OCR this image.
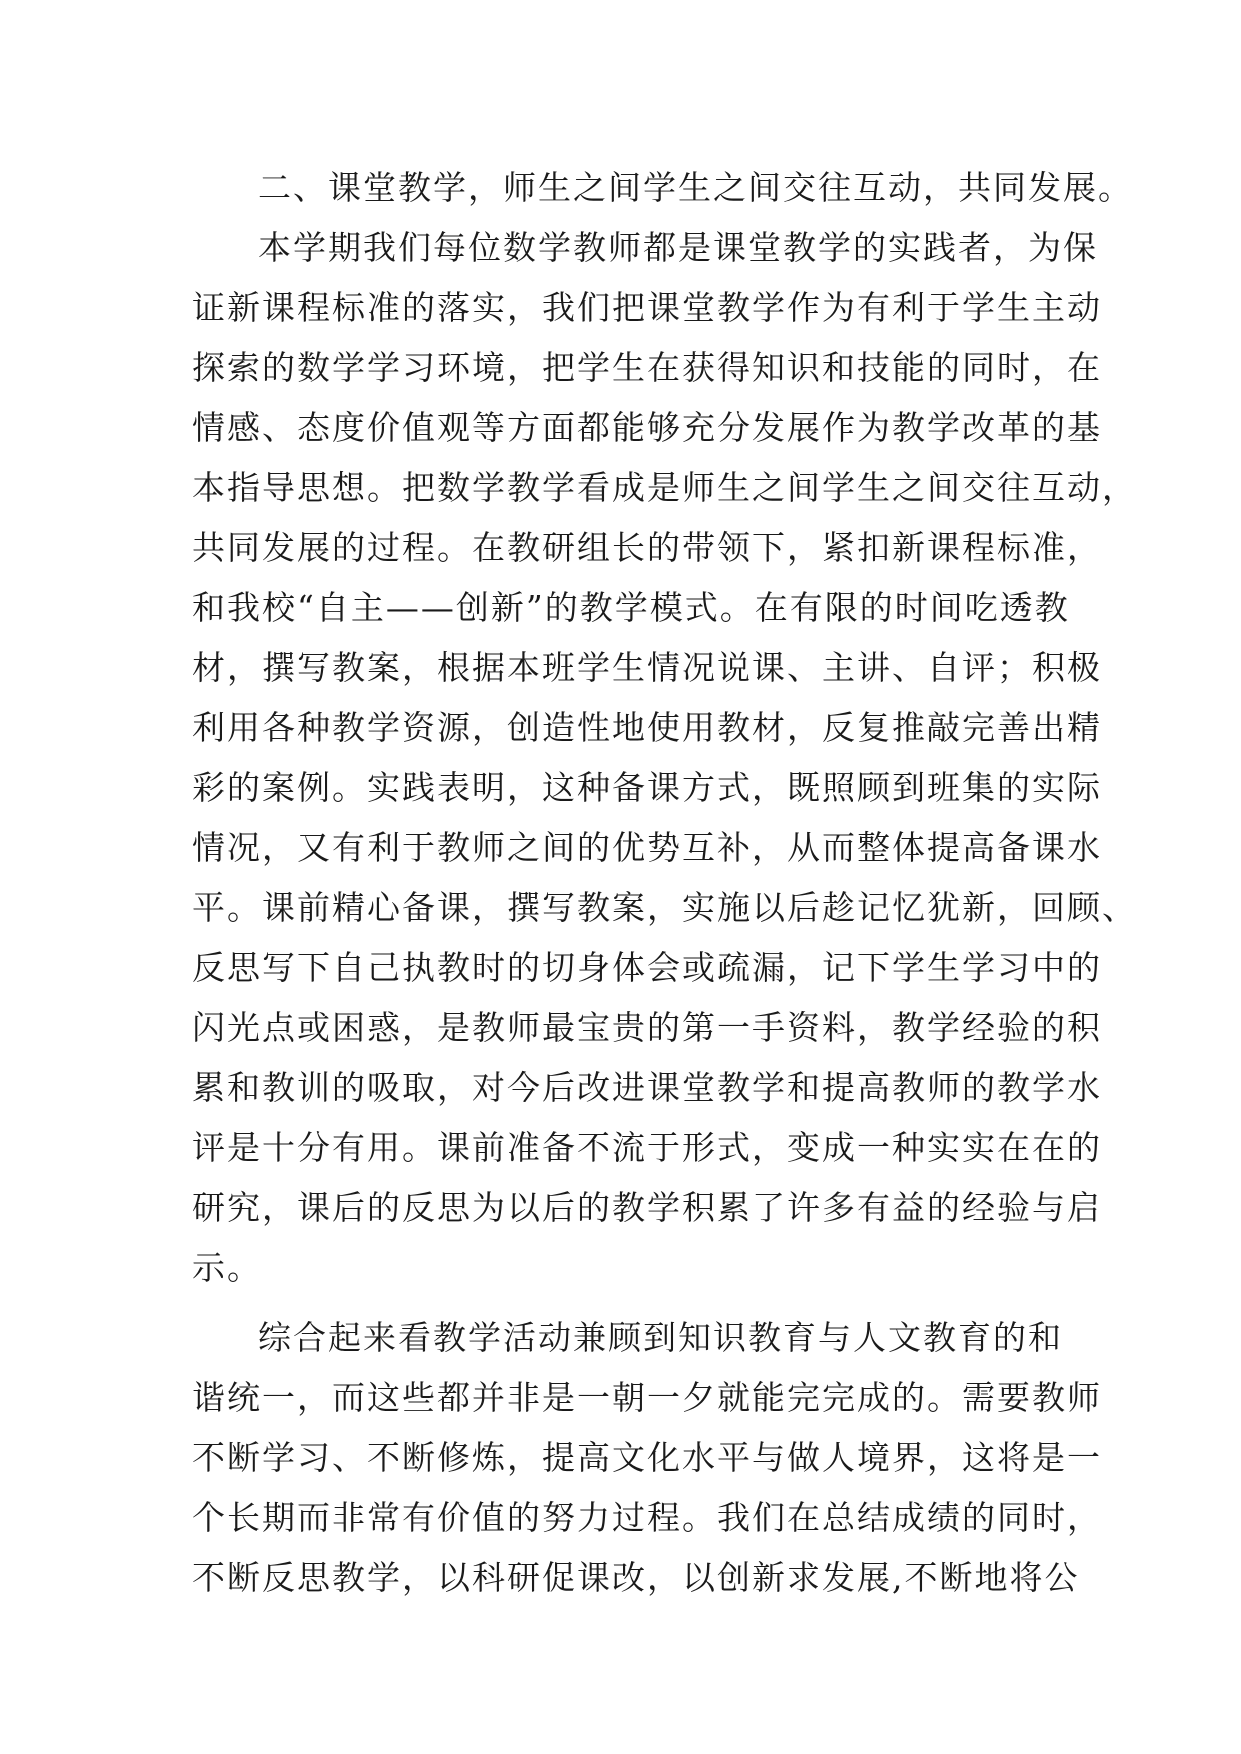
二、课堂教学，师生之间学生之间交往互动，共同发展。
本学期我们每位数学教师都是课堂教学的实践者，为保
证新课程标准的落实，我们把课堂教学作为有利于学生主动
探索的数学学习环境，把学生在获得知识和技能的同时，在
情感、态度价值观等方面都能够充分发展作为教学改革的基
本指导思想。把数学教学看成是师生之间学生之间交往互动，
共同发展的过程。在教研组长的带领下，紧扣新课程标准，
和我校“自主——创新”的教学模式。在有限的时间吃透教
材，撰写教案，根据本班学生情况说课、主讲、自评；积极
利用各种教学资源，创造性地使用教材，反复推敲完善出精
彩的案例。实践表明，这种备课方式，既照顾到班集的实际
情况，又有利于教师之间的优势互补，从而整体提高备课水
平。课前精心备课，撰写教案，实施以后趁记忆犹新，回顾、
反思写下自己执教时的切身体会或疏漏，记下学生学习中的
闪光点或困惑，是教师最宝贵的第一手资料，教学经验的积
累和教训的吸取，对今后改进课堂教学和提高教师的教学水
评是十分有用。课前准备不流于形式，变成一种实实在在的
研究，课后的反思为以后的教学积累了许多有益的经验与启
示。
综合起来看教学活动兼顾到知识教育与人文教育的和
谐统一，而这些都并非是一朝一夕就能完完成的。需要教师
不断学习、不断修炼，提高文化水平与做人境界，这将是一
个长期而非常有价值的努力过程。我们在总结成绩的同时，
不断反思教学，以科研促课改，以创新求发展,不断地将公
